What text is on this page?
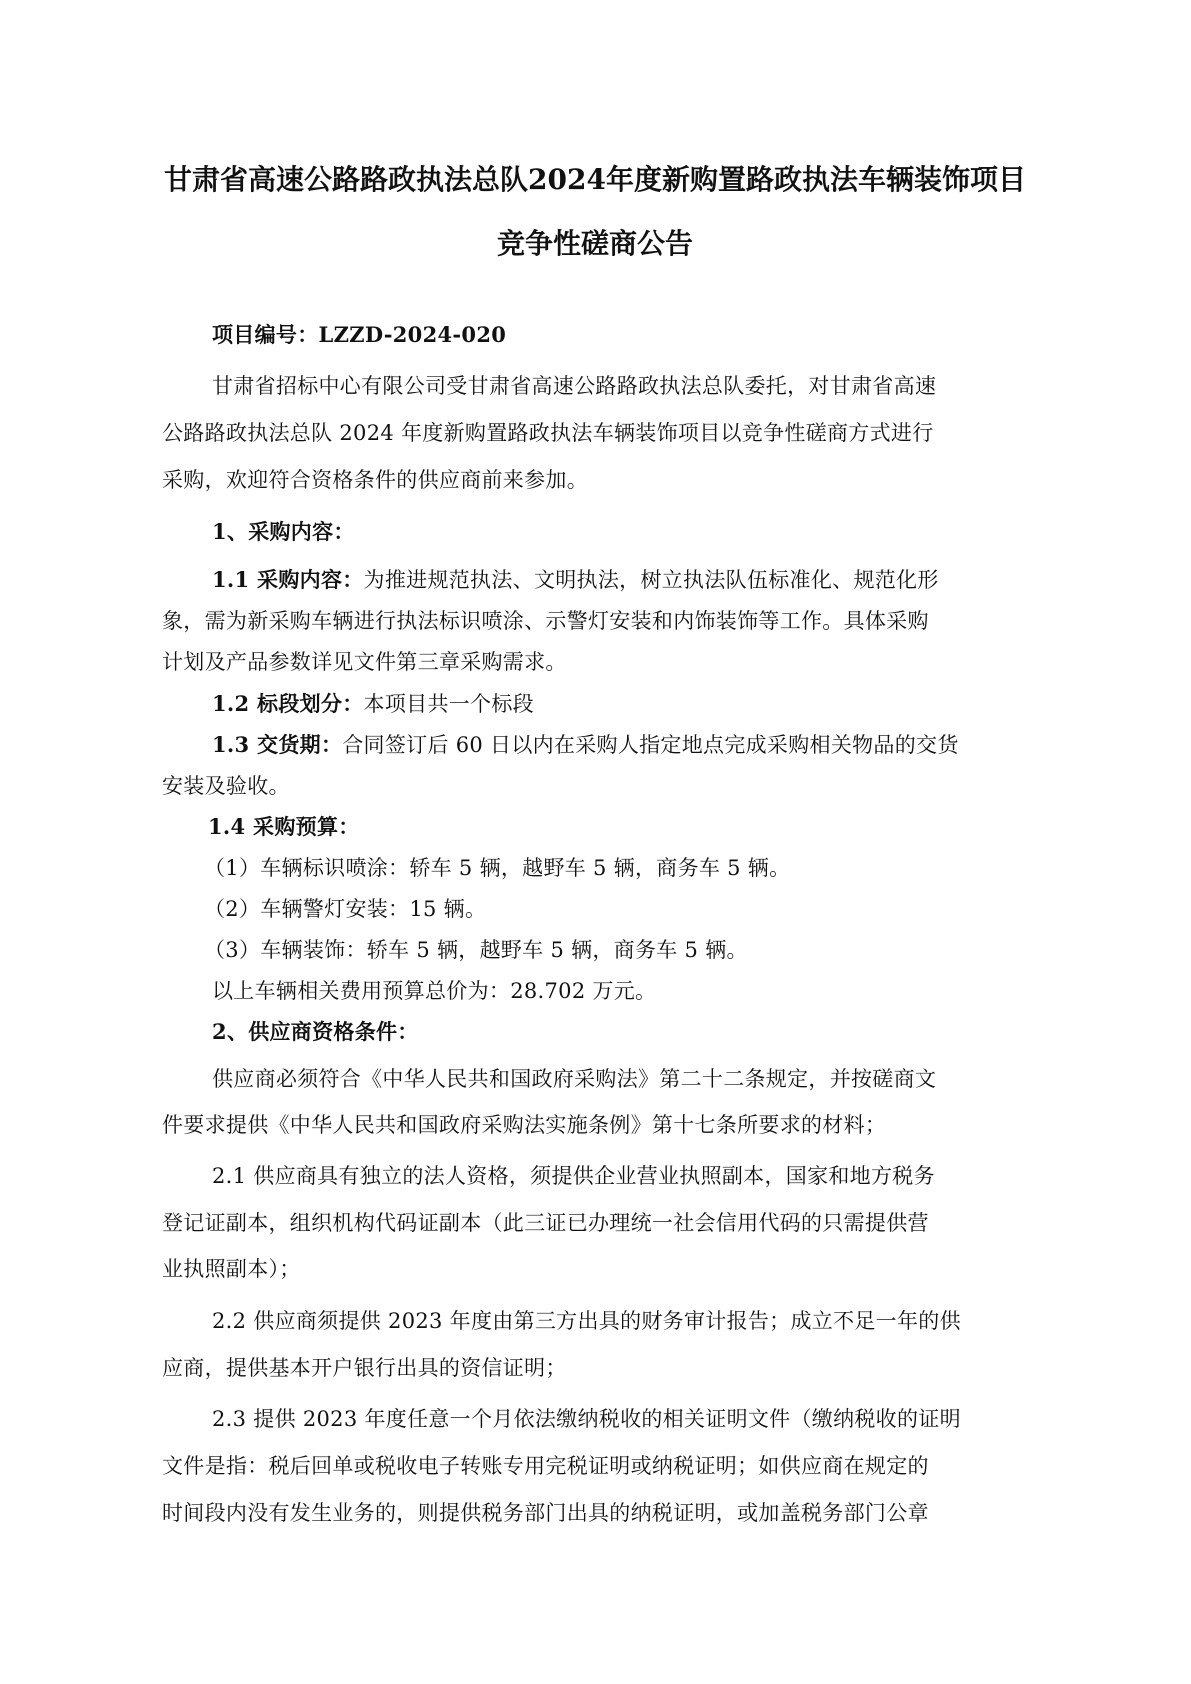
甘肃省高速公路路政执法总队2024年度新购置路政执法车辆装饰项目
竞争性磋商公告
项目编号：LZZD-2024-020
甘肃省招标中心有限公司受甘肃省高速公路路政执法总队委托，对甘肃省高速
公路路政执法总队 2024 年度新购置路政执法车辆装饰项目以竞争性磋商方式进行
采购，欢迎符合资格条件的供应商前来参加。
1、采购内容：
1.1 采购内容：为推进规范执法、文明执法，树立执法队伍标准化、规范化形
象，需为新采购车辆进行执法标识喷涂、示警灯安装和内饰装饰等工作。具体采购
计划及产品参数详见文件第三章采购需求。
1.2 标段划分：本项目共一个标段
1.3 交货期：合同签订后 60 日以内在采购人指定地点完成采购相关物品的交货
安装及验收。
1.4 采购预算：
（1）车辆标识喷涂：轿车 5 辆，越野车 5 辆，商务车 5 辆。
（2）车辆警灯安装：15 辆。
（3）车辆装饰：轿车 5 辆，越野车 5 辆，商务车 5 辆。
以上车辆相关费用预算总价为：28.702 万元。
2、供应商资格条件：
供应商必须符合《中华人民共和国政府采购法》第二十二条规定，并按磋商文
件要求提供《中华人民共和国政府采购法实施条例》第十七条所要求的材料；
2.1 供应商具有独立的法人资格，须提供企业营业执照副本，国家和地方税务
登记证副本，组织机构代码证副本（此三证已办理统一社会信用代码的只需提供营
业执照副本）；
2.2 供应商须提供 2023 年度由第三方出具的财务审计报告；成立不足一年的供
应商，提供基本开户银行出具的资信证明；
2.3 提供 2023 年度任意一个月依法缴纳税收的相关证明文件（缴纳税收的证明
文件是指：税后回单或税收电子转账专用完税证明或纳税证明；如供应商在规定的
时间段内没有发生业务的，则提供税务部门出具的纳税证明，或加盖税务部门公章
